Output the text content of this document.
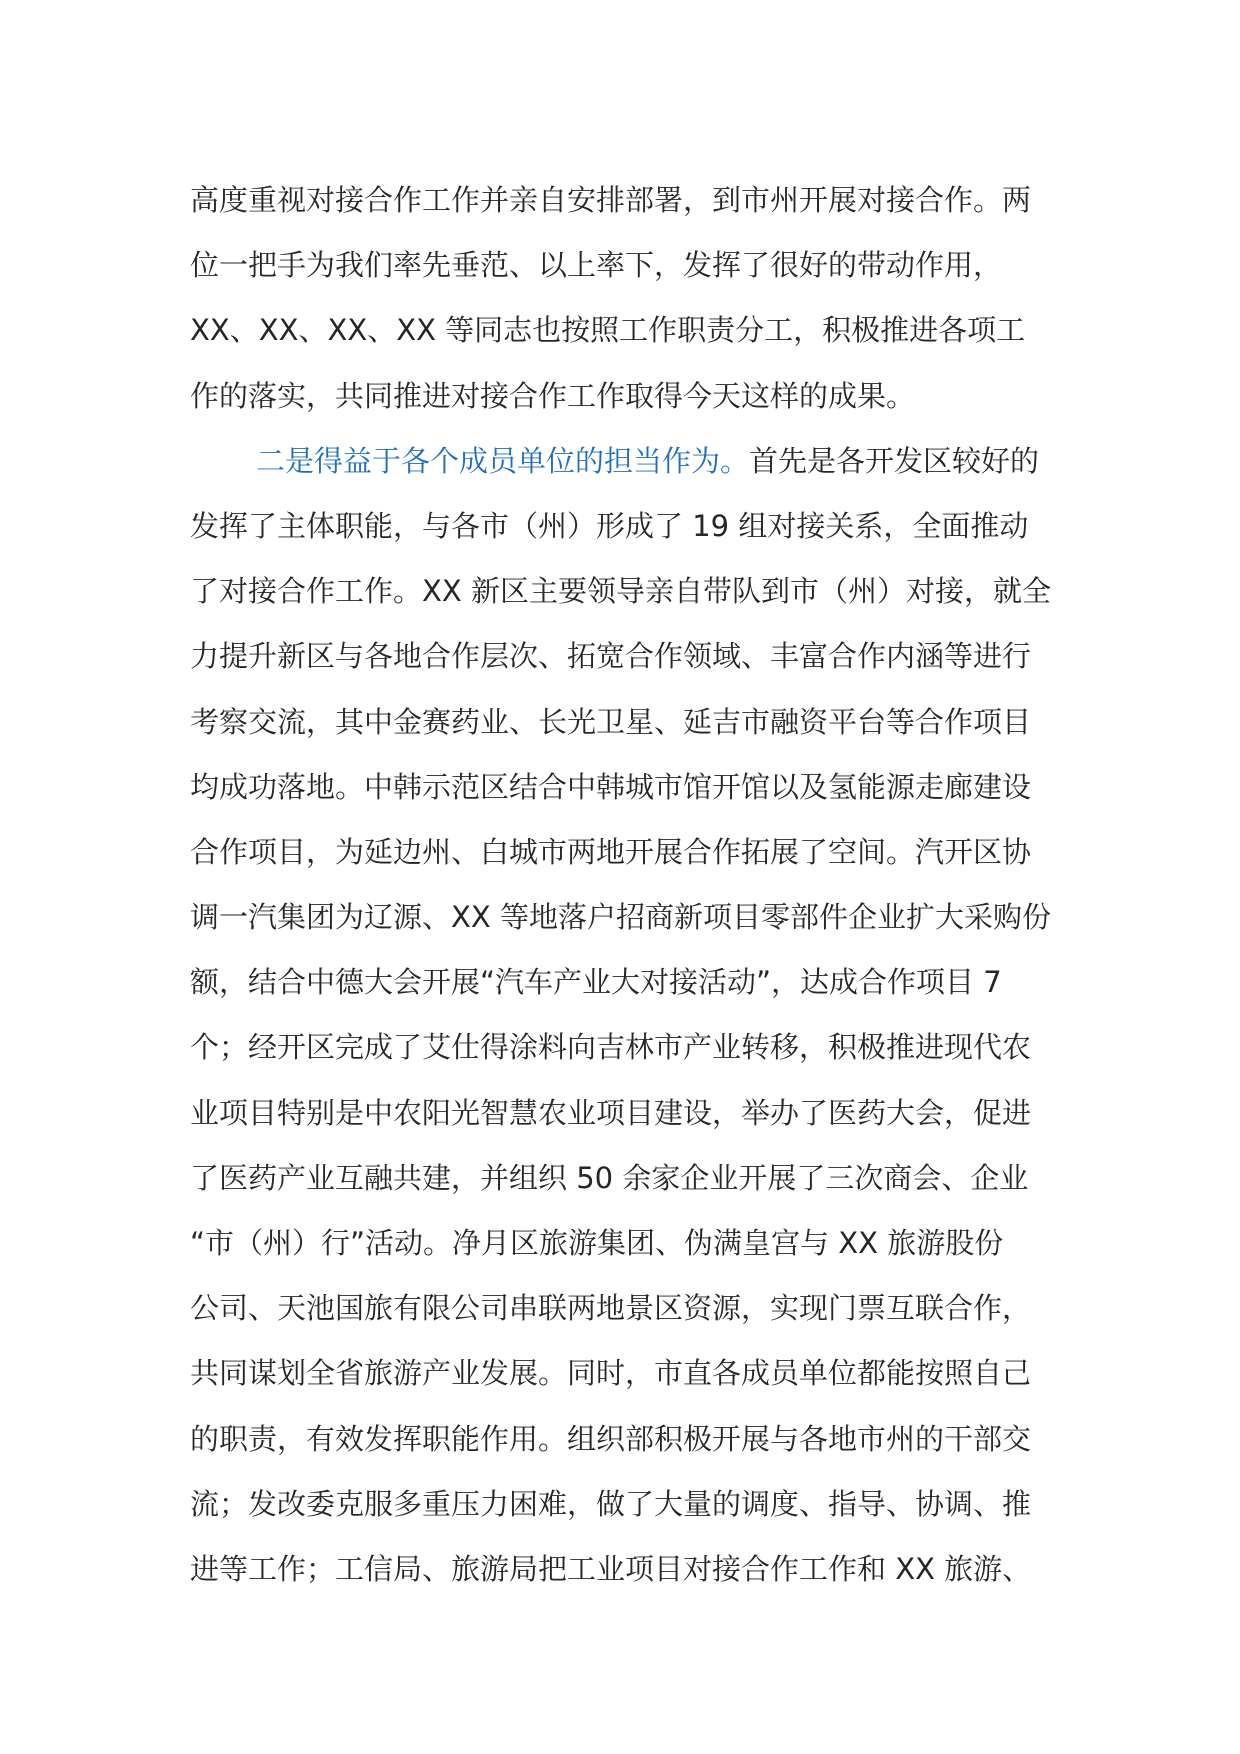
高度重视对接合作工作并亲自安排部署，到市州开展对接合作。两
位一把手为我们率先垂范、以上率下，发挥了很好的带动作用，
XX、XX、XX、XX 等同志也按照工作职责分工，积极推进各项工
作的落实，共同推进对接合作工作取得今天这样的成果。
二是得益于各个成员单位的担当作为。首先是各开发区较好的
发挥了主体职能，与各市（州）形成了 19 组对接关系，全面推动
了对接合作工作。XX 新区主要领导亲自带队到市（州）对接，就全
力提升新区与各地合作层次、拓宽合作领域、丰富合作内涵等进行
考察交流，其中金赛药业、长光卫星、延吉市融资平台等合作项目
均成功落地。中韩示范区结合中韩城市馆开馆以及氢能源走廊建设
合作项目，为延边州、白城市两地开展合作拓展了空间。汽开区协
调一汽集团为辽源、XX 等地落户招商新项目零部件企业扩大采购份
额，结合中德大会开展“汽车产业大对接活动”，达成合作项目 7
个；经开区完成了艾仕得涂料向吉林市产业转移，积极推进现代农
业项目特别是中农阳光智慧农业项目建设，举办了医药大会，促进
了医药产业互融共建，并组织 50 余家企业开展了三次商会、企业
“市（州）行”活动。净月区旅游集团、伪满皇宫与 XX 旅游股份
公司、天池国旅有限公司串联两地景区资源，实现门票互联合作，
共同谋划全省旅游产业发展。同时，市直各成员单位都能按照自己
的职责，有效发挥职能作用。组织部积极开展与各地市州的干部交
流；发改委克服多重压力困难，做了大量的调度、指导、协调、推
进等工作；工信局、旅游局把工业项目对接合作工作和 XX 旅游、
